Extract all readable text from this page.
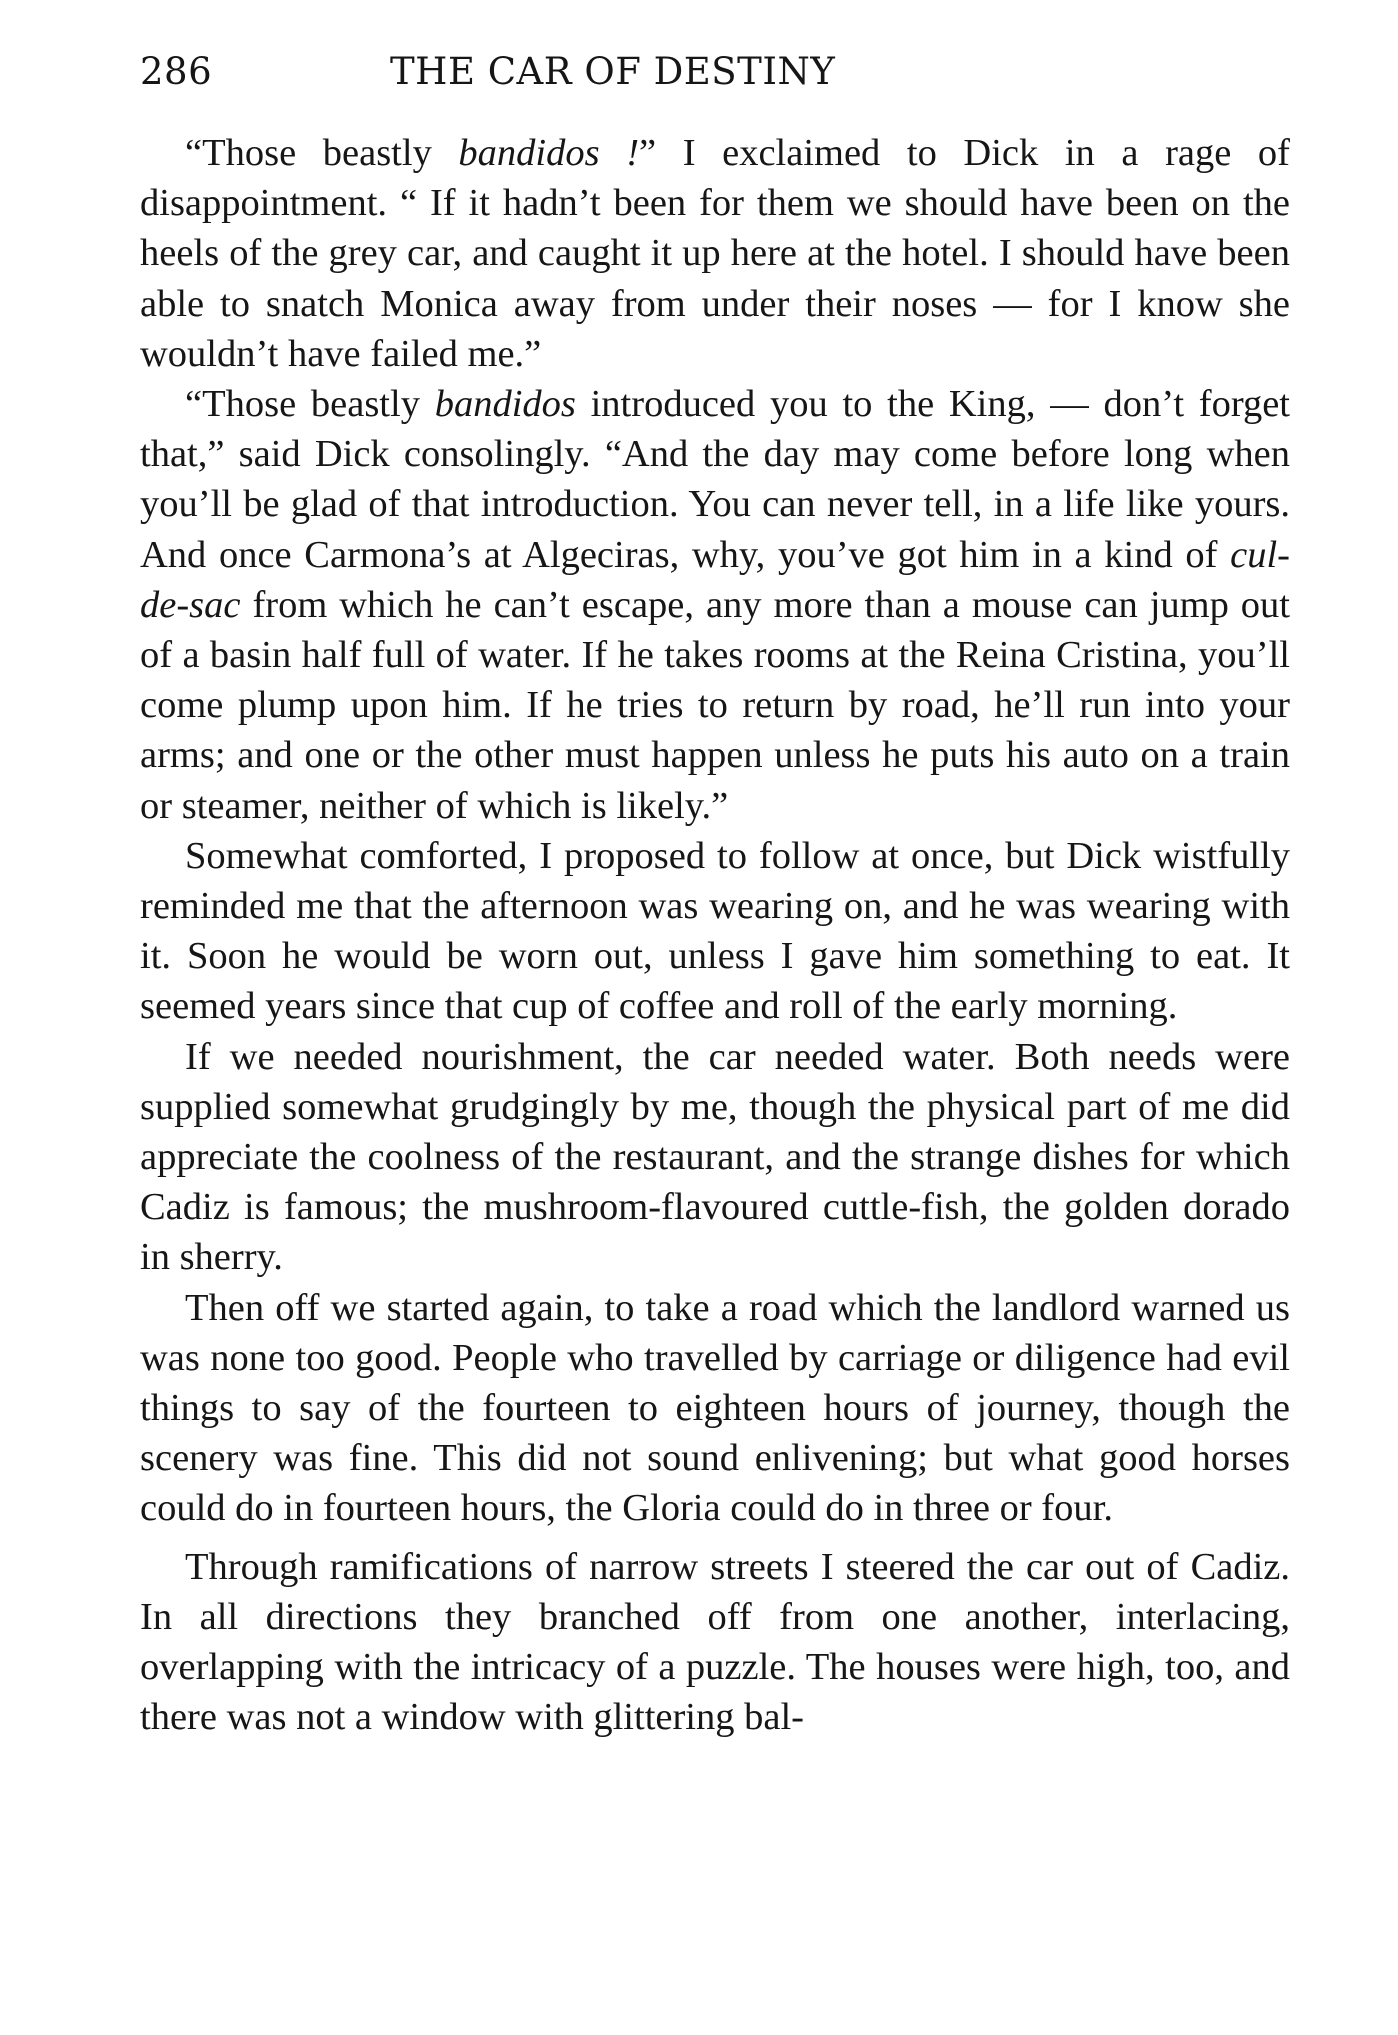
286	THE CAR OF DESTINY

“Those beastly bandidos !” I exclaimed to Dick in a rage of disappointment. “ If it hadn’t been for them we should have been on the heels of the grey car, and caught it up here at the hotel. I should have been able to snatch Monica away from under their noses — for I know she wouldn’t have failed me.”

“Those beastly bandidos introduced you to the King, — don’t forget that,” said Dick consolingly. “And the day may come before long when you’ll be glad of that introduction. You can never tell, in a life like yours. And once Carmona’s at Algeciras, why, you’ve got him in a kind of cul-de-sac from which he can’t escape, any more than a mouse can jump out of a basin half full of water. If he takes rooms at the Reina Cristina, you’ll come plump upon him. If he tries to return by road, he’ll run into your arms; and one or the other must happen unless he puts his auto on a train or steamer, neither of which is likely.”

Somewhat comforted, I proposed to follow at once, but Dick wistfully reminded me that the afternoon was wearing on, and he was wearing with it. Soon he would be worn out, unless I gave him something to eat. It seemed years since that cup of coffee and roll of the early morning.

If we needed nourishment, the car needed water. Both needs were supplied somewhat grudgingly by me, though the physical part of me did appreciate the coolness of the restaurant, and the strange dishes for which Cadiz is famous; the mushroom-flavoured cuttle-fish, the golden dorado in sherry.

Then off we started again, to take a road which the landlord warned us was none too good. People who travelled by carriage or diligence had evil things to say of the fourteen to eighteen hours of journey, though the scenery was fine. This did not sound enlivening; but what good horses could do in fourteen hours, the Gloria could do in three or four.

Through ramifications of narrow streets I steered the car out of Cadiz. In all directions they branched off from one another, interlacing, overlapping with the intricacy of a puzzle. The houses were high, too, and there was not a window with glittering bal-
